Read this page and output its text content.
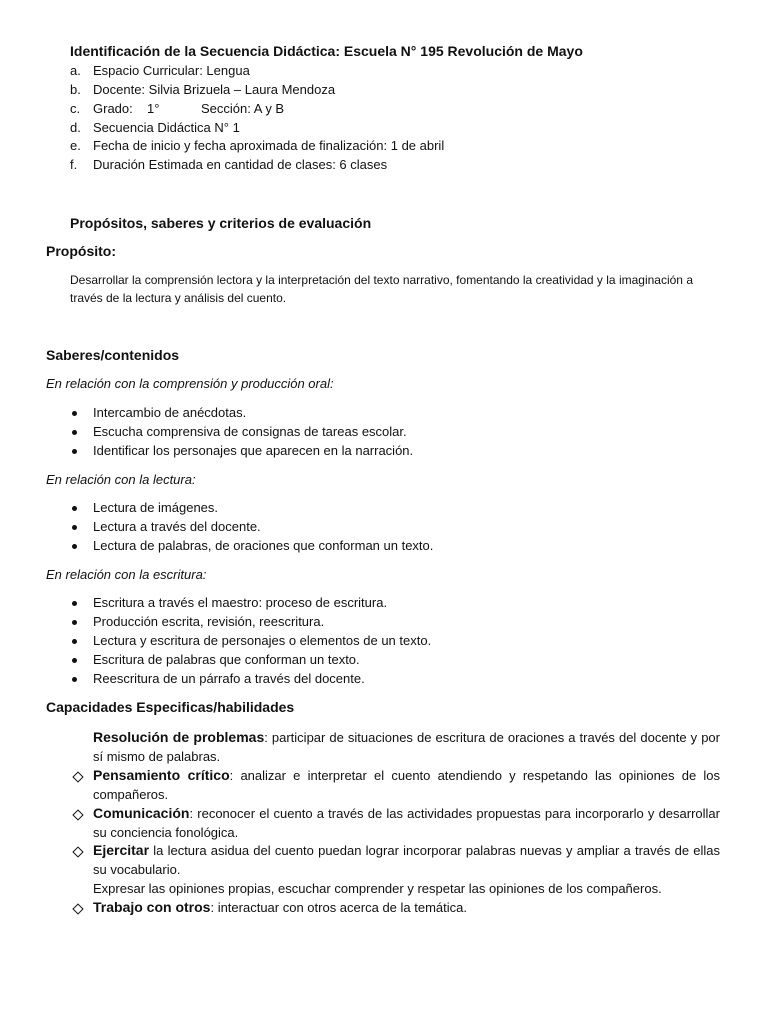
Identificación de la Secuencia Didáctica: Escuela N° 195 Revolución de Mayo
a. Espacio Curricular: Lengua
b. Docente: Silvia Brizuela – Laura Mendoza
c. Grado: 1°	Sección: A y B
d. Secuencia Didáctica N° 1
e. Fecha de inicio y fecha aproximada de finalización: 1 de abril
f.	Duración Estimada en cantidad de clases: 6 clases
Propósitos, saberes y criterios de evaluación
Propósito:
Desarrollar la comprensión lectora y la interpretación del texto narrativo, fomentando la creatividad y la imaginación a través de la lectura y análisis del cuento.
Saberes/contenidos
En relación con la comprensión y producción oral:
Intercambio de anécdotas.
Escucha comprensiva de consignas de tareas escolar.
Identificar los personajes que aparecen en la narración.
En relación con la lectura:
Lectura de imágenes.
Lectura a través del docente.
Lectura de palabras, de oraciones que conforman un texto.
En relación con la escritura:
Escritura a través el maestro: proceso de escritura.
Producción escrita, revisión, reescritura.
Lectura y escritura de personajes o elementos de un texto.
Escritura de palabras que conforman un texto.
Reescritura de un párrafo a través del docente.
Capacidades Especificas/habilidades
Resolución de problemas: participar de situaciones de escritura de oraciones a través del docente y por sí mismo de palabras.
Pensamiento crítico: analizar e interpretar el cuento atendiendo y respetando las opiniones de los compañeros.
Comunicación: reconocer el cuento a través de las actividades propuestas para incorporarlo y desarrollar su conciencia fonológica.
Ejercitar la lectura asidua del cuento puedan lograr incorporar palabras nuevas y ampliar a través de ellas su vocabulario.
Expresar las opiniones propias, escuchar comprender y respetar las opiniones de los compañeros.
Trabajo con otros: interactuar con otros acerca de la temática.
